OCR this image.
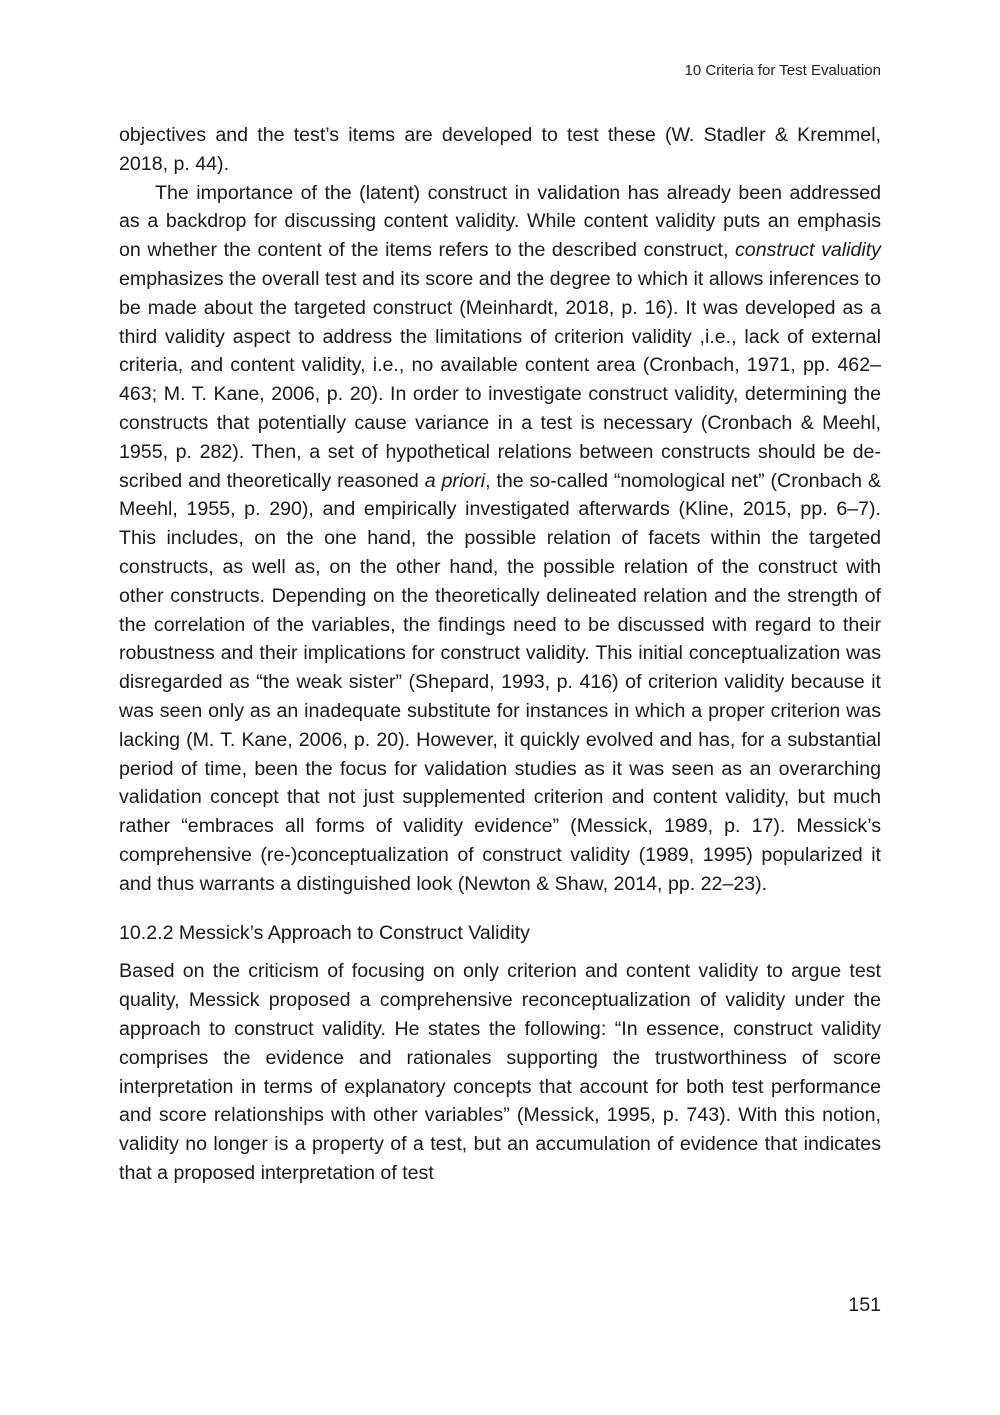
10 Criteria for Test Evaluation

objectives and the test’s items are developed to test these (W. Stadler & Kremmel, 2018, p. 44).

The importance of the (latent) construct in validation has already been addressed as a backdrop for discussing content validity. While content validity puts an emphasis on whether the content of the items refers to the described construct, construct validity emphasizes the overall test and its score and the degree to which it allows inferences to be made about the targeted construct (Meinhardt, 2018, p. 16). It was developed as a third validity aspect to address the limitations of criterion validity ,i.e., lack of external criteria, and content validity, i.e., no available content area (Cronbach, 1971, pp. 462–463; M. T. Kane, 2006, p. 20). In order to investigate construct validity, determining the constructs that potentially cause variance in a test is necessary (Cronbach & Meehl, 1955, p. 282). Then, a set of hypothetical relations between constructs should be described and theoretically reasoned a priori, the so-called “nomological net” (Cronbach & Meehl, 1955, p. 290), and empirically investigated afterwards (Kline, 2015, pp. 6–7). This includes, on the one hand, the possible relation of facets within the targeted constructs, as well as, on the other hand, the possible relation of the construct with other constructs. Depending on the theoretically delineated relation and the strength of the correlation of the variables, the findings need to be discussed with regard to their robustness and their implications for construct validity. This initial conceptualization was disregarded as “the weak sister” (Shepard, 1993, p. 416) of criterion validity because it was seen only as an inadequate substitute for instances in which a proper criterion was lacking (M. T. Kane, 2006, p. 20). However, it quickly evolved and has, for a substantial period of time, been the focus for validation studies as it was seen as an overarching validation concept that not just supplemented criterion and content validity, but much rather “embraces all forms of validity evidence” (Messick, 1989, p. 17). Messick’s comprehensive (re-)conceptualization of construct validity (1989, 1995) popularized it and thus warrants a distinguished look (Newton & Shaw, 2014, pp. 22–23).

10.2.2 Messick’s Approach to Construct Validity

Based on the criticism of focusing on only criterion and content validity to argue test quality, Messick proposed a comprehensive reconceptualization of validity under the approach to construct validity. He states the following: “In essence, construct validity comprises the evidence and rationales supporting the trustworthiness of score interpretation in terms of explanatory concepts that account for both test performance and score relationships with other variables” (Messick, 1995, p. 743). With this notion, validity no longer is a property of a test, but an accumulation of evidence that indicates that a proposed interpretation of test

151
